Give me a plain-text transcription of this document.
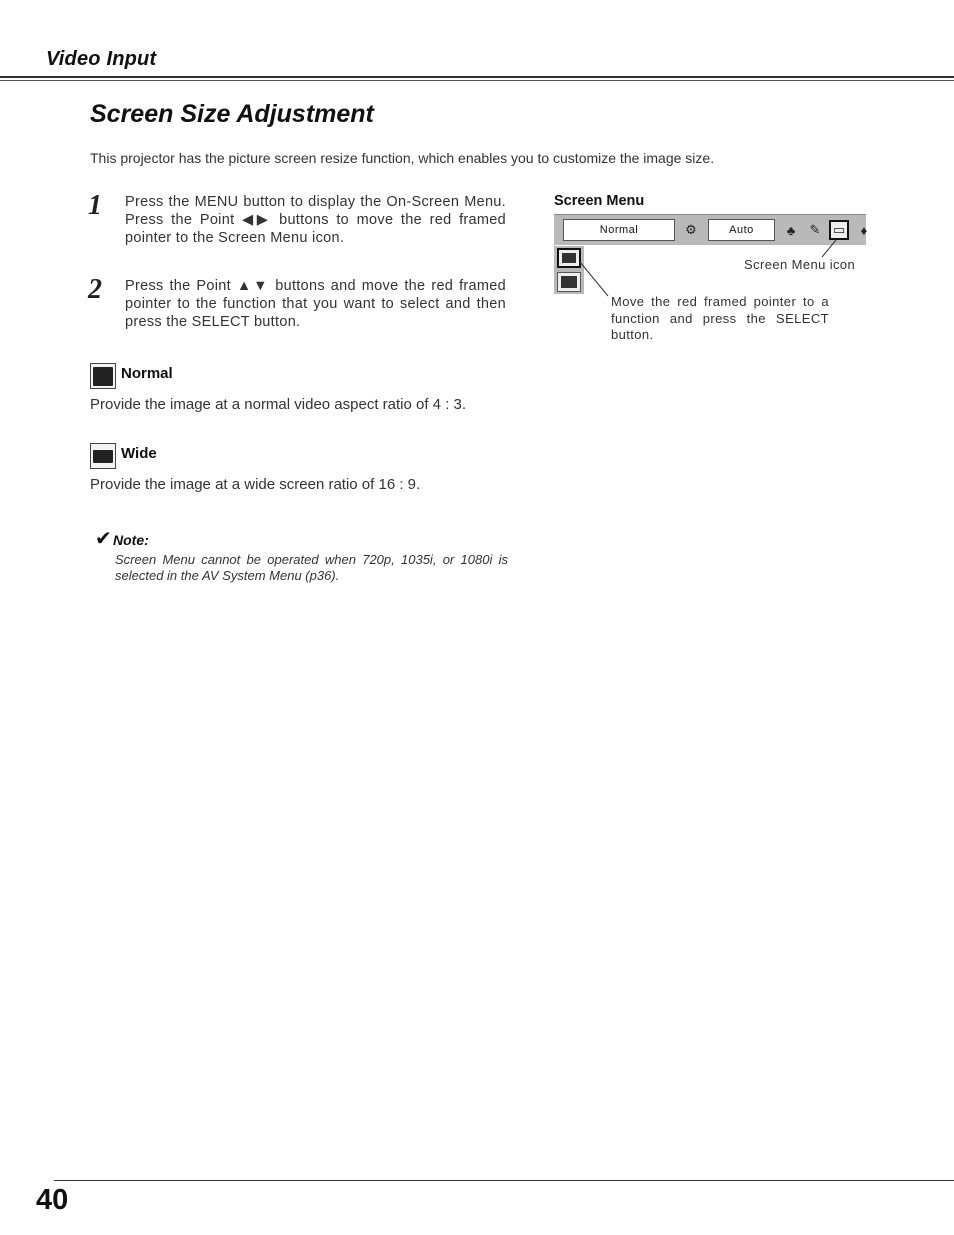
Video Input
Screen Size Adjustment
This projector has the picture screen resize function, which enables you to customize the image size.
1 Press the MENU button to display the On-Screen Menu. Press the Point ◀▶ buttons to move the red framed pointer to the Screen Menu icon.
2 Press the Point ▲▼ buttons and move the red framed pointer to the function that you want to select and then press the SELECT button.
Normal
Provide the image at a normal video aspect ratio of 4 : 3.
Wide
Provide the image at a wide screen ratio of 16 : 9.
✔ Note:
Screen Menu cannot be operated when 720p, 1035i, or 1080i is selected in the AV System Menu (p36).
Screen Menu
Normal	⚙	Auto	♣	✎ ▭	♦
Screen Menu icon
Move the red framed pointer to a function and press the SELECT button.
40
